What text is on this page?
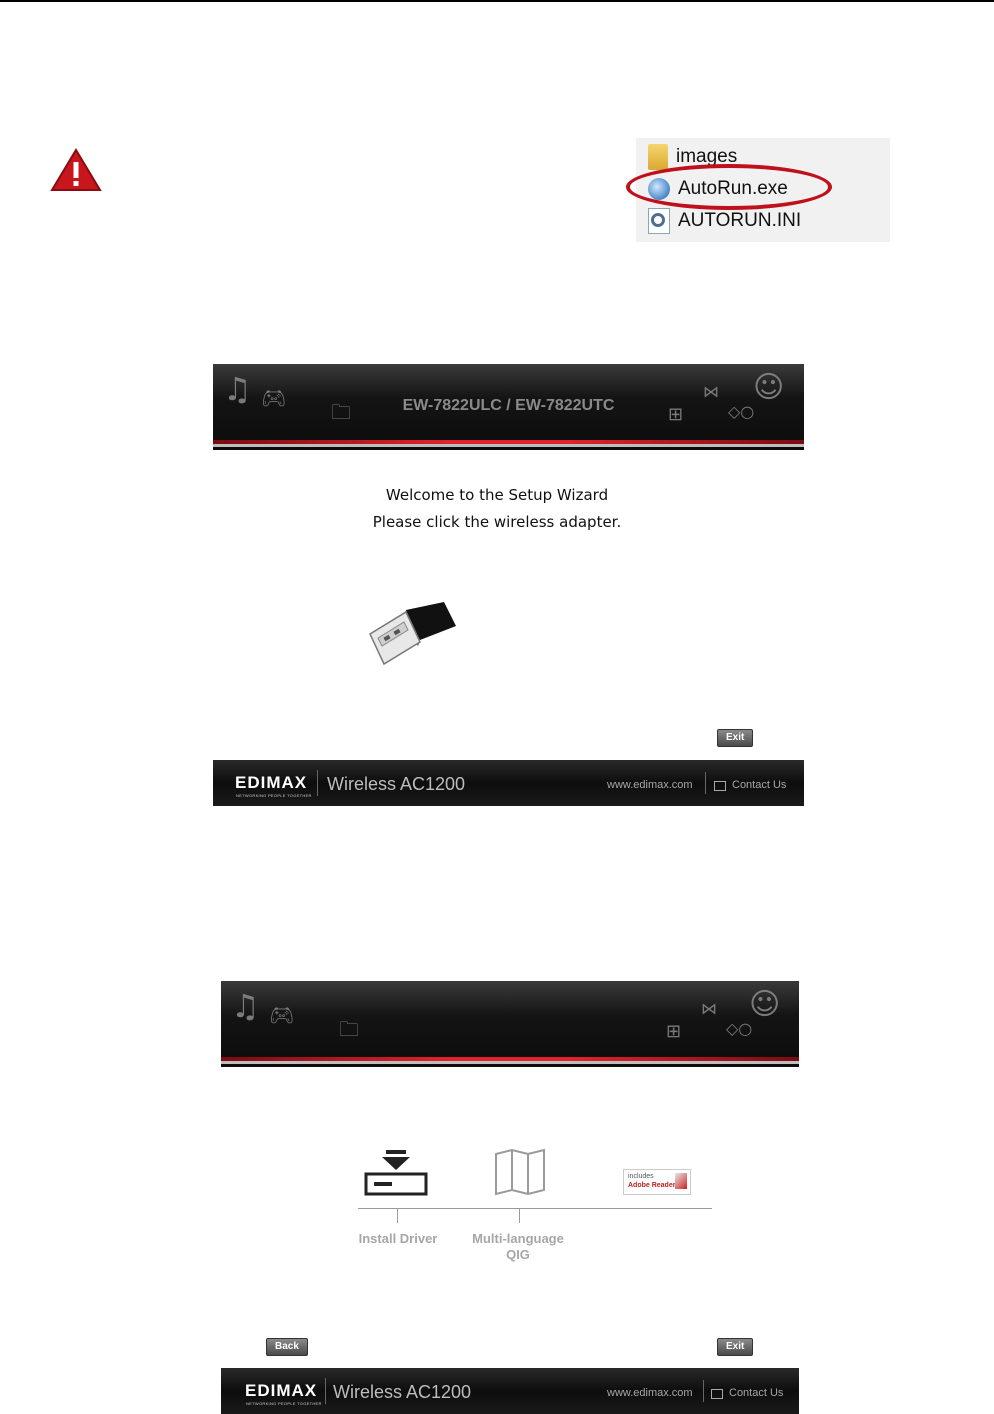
images
AutoRun.exe
AUTORUN.INI
♫ 🎮︎
🗀
☺
⋈
◇○
⊞
EW-7822ULC / EW-7822UTC
Welcome to the Setup Wizard
Please click the wireless adapter.
Exit
EDIMAX
NETWORKING PEOPLE TOGETHER
Wireless AC1200	www.edimax.com	Contact Us
♫ 🎮︎
🗀
☺
⋈
◇○
⊞
includes
Adobe Reader
Install Driver	Multi-language QIG
Back	Exit
EDIMAX
NETWORKING PEOPLE TOGETHER
Wireless AC1200	www.edimax.com	Contact Us
